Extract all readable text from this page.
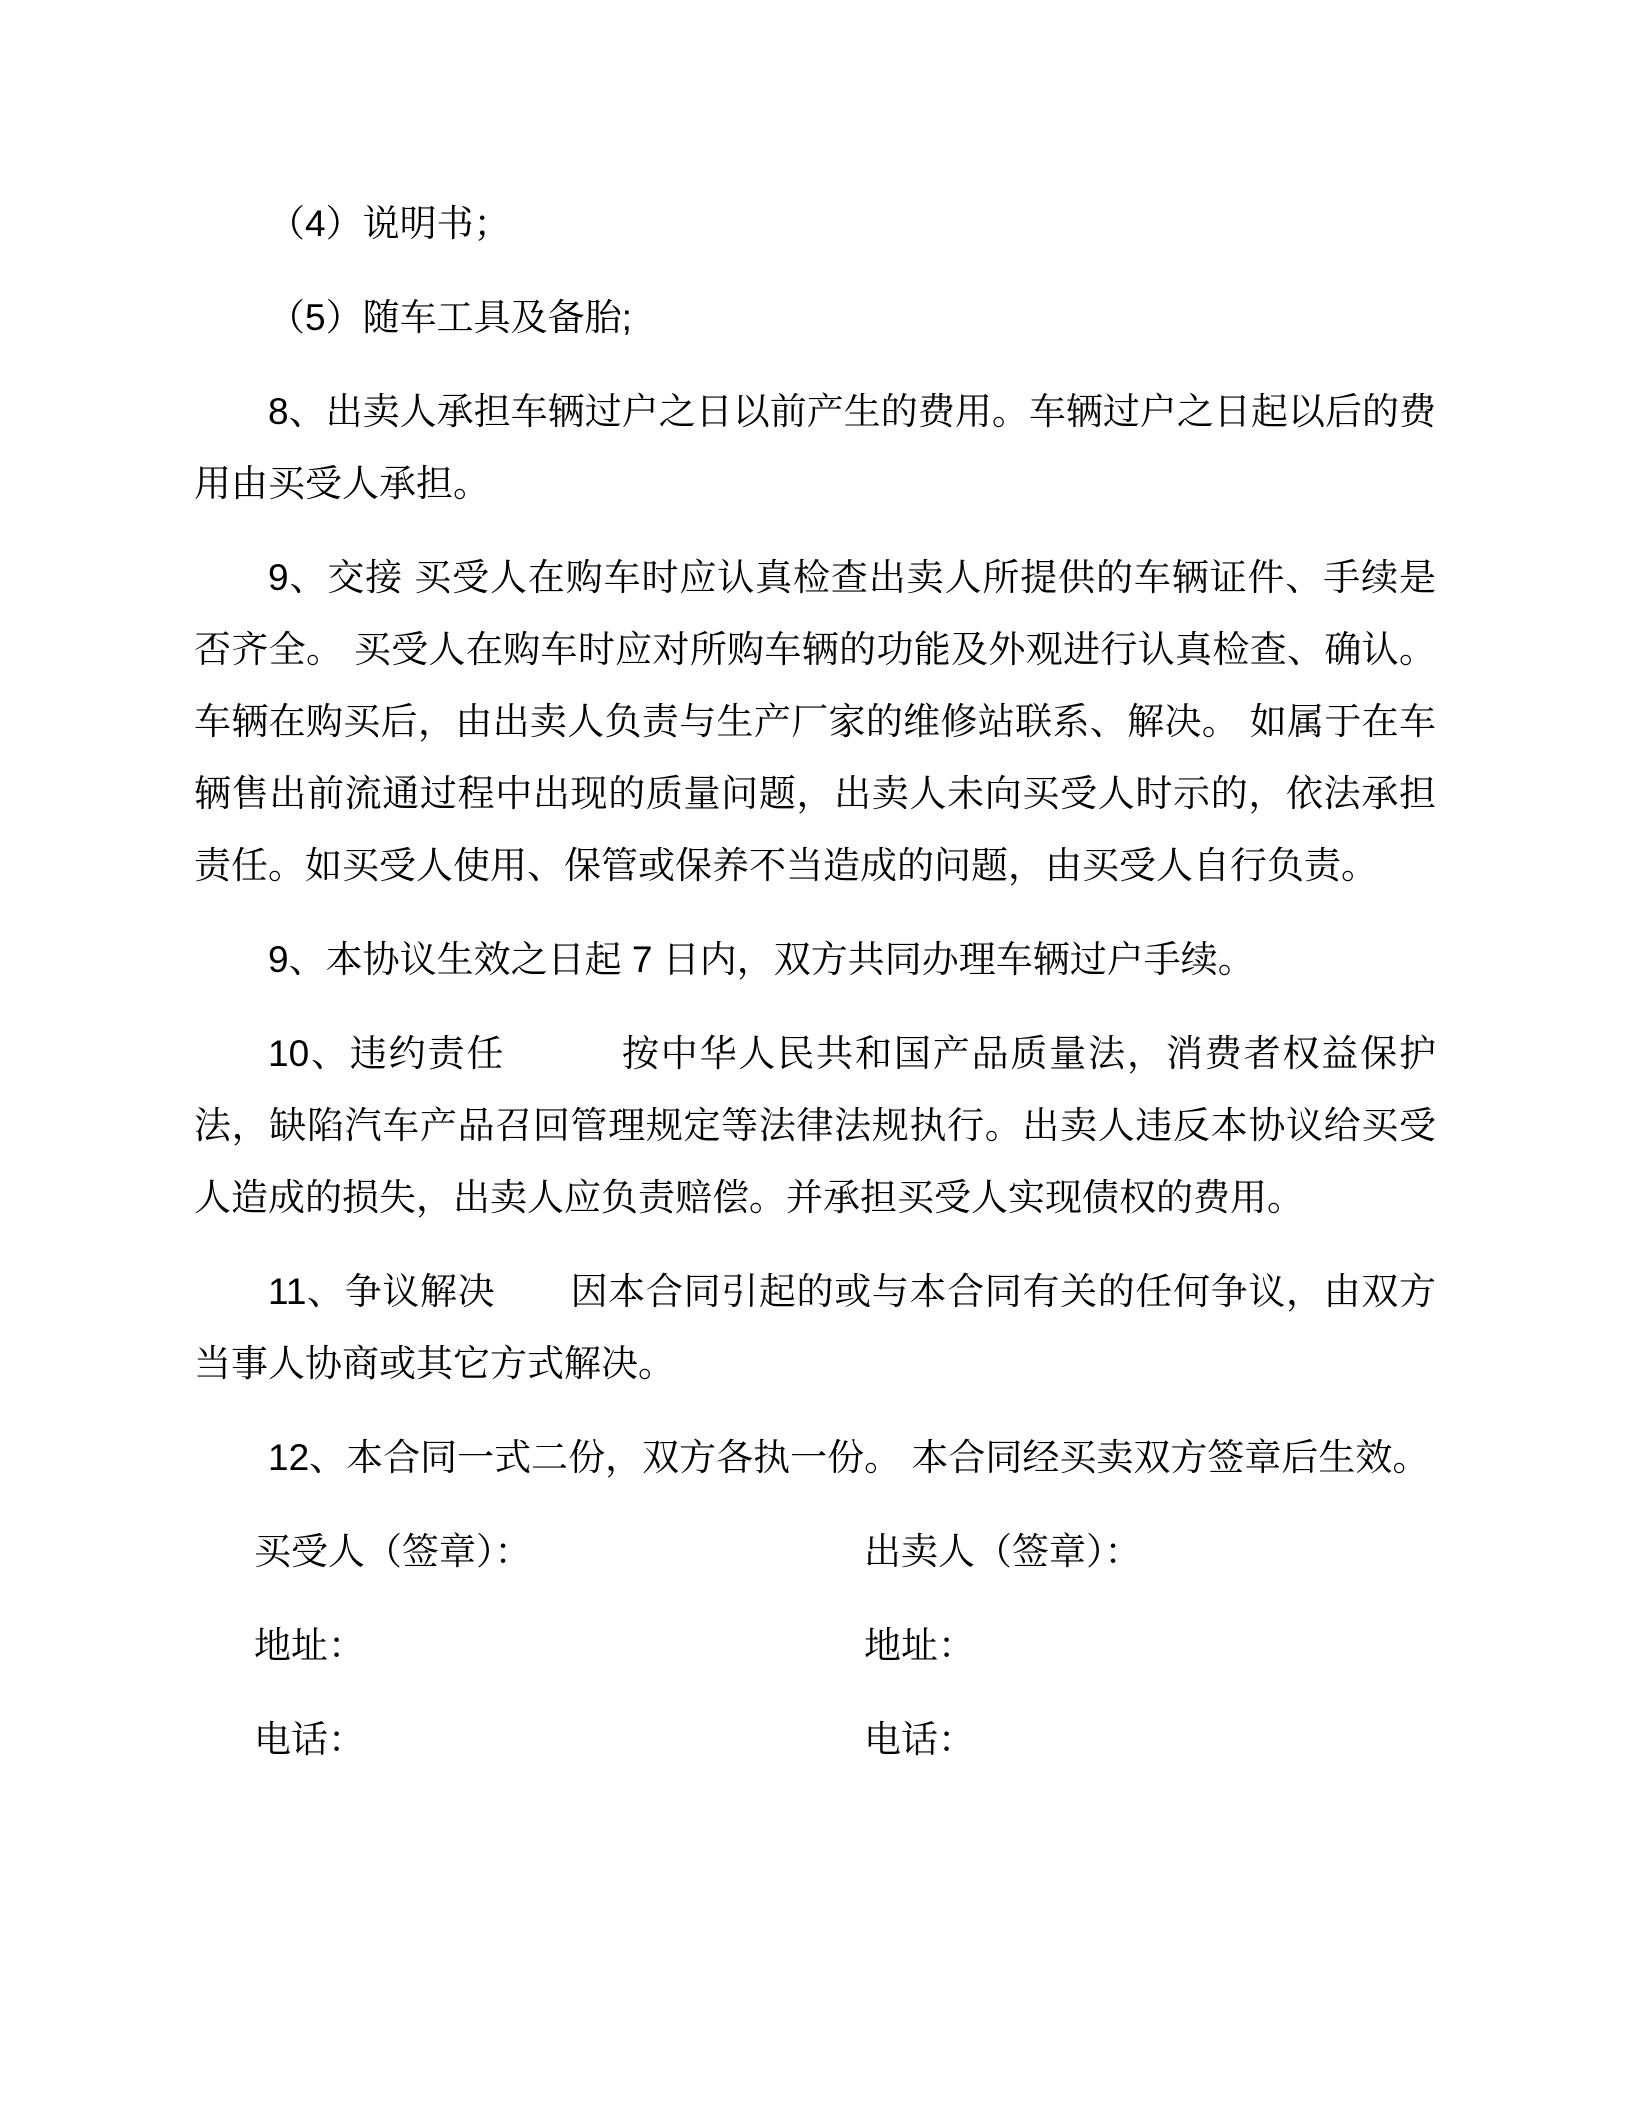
（4）说明书；

（5）随车工具及备胎;

8、出卖人承担车辆过户之日以前产生的费用。车辆过户之日起以后的费用由买受人承担。

9、交接 买受人在购车时应认真检查出卖人所提供的车辆证件、手续是否齐全。 买受人在购车时应对所购车辆的功能及外观进行认真检查、确认。车辆在购买后，由出卖人负责与生产厂家的维修站联系、解决。 如属于在车辆售出前流通过程中出现的质量问题，出卖人未向买受人时示的，依法承担责任。如买受人使用、保管或保养不当造成的问题，由买受人自行负责。

9、本协议生效之日起 7 日内，双方共同办理车辆过户手续。

10、违约责任　　　按中华人民共和国产品质量法，消费者权益保护法，缺陷汽车产品召回管理规定等法律法规执行。出卖人违反本协议给买受人造成的损失，出卖人应负责赔偿。并承担买受人实现债权的费用。

11、争议解决　　因本合同引起的或与本合同有关的任何争议，由双方当事人协商或其它方式解决。

12、本合同一式二份，双方各执一份。 本合同经买卖双方签章后生效。

买受人（签章）：	出卖人（签章）：
地址：	地址：
电话：	电话：
